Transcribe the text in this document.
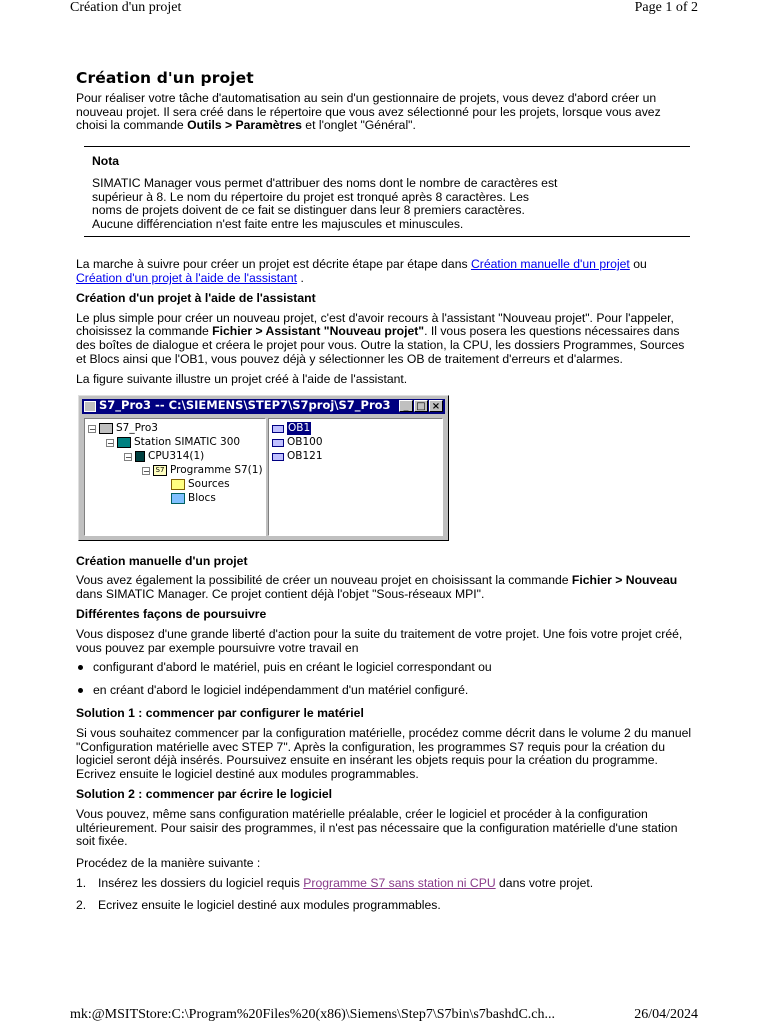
Création d'un projet	Page 1 of 2
Création d'un projet

Pour réaliser votre tâche d'automatisation au sein d'un gestionnaire de projets, vous devez d'abord créer un nouveau projet. Il sera créé dans le répertoire que vous avez sélectionné pour les projets, lorsque vous avez choisi la commande Outils > Paramètres et l'onglet "Général".

Nota
SIMATIC Manager vous permet d'attribuer des noms dont le nombre de caractères est supérieur à 8. Le nom du répertoire du projet est tronqué après 8 caractères. Les noms de projets doivent de ce fait se distinguer dans leur 8 premiers caractères. Aucune différenciation n'est faite entre les majuscules et minuscules.

La marche à suivre pour créer un projet est décrite étape par étape dans Création manuelle d'un projet ou
Création d'un projet à l'aide de l'assistant .

Création d'un projet à l'aide de l'assistant

Le plus simple pour créer un nouveau projet, c'est d'avoir recours à l'assistant "Nouveau projet". Pour l'appeler, choisissez la commande Fichier > Assistant "Nouveau projet". Il vous posera les questions nécessaires dans des boîtes de dialogue et créera le projet pour vous. Outre la station, la CPU, les dossiers Programmes, Sources et Blocs ainsi que l'OB1, vous pouvez déjà y sélectionner les OB de traitement d'erreurs et d'alarmes.

La figure suivante illustre un projet créé à l'aide de l'assistant.

S7_Pro3 -- C:\SIEMENS\STEP7\S7proj\S7_Pro3	_ □ ×
− S7_Pro3
− Station SIMATIC 300
− CPU314(1)
− S7 Programme S7(1)
Sources
Blocs
OB1
OB100
OB121
Création manuelle d'un projet

Vous avez également la possibilité de créer un nouveau projet en choisissant la commande Fichier > Nouveau dans SIMATIC Manager. Ce projet contient déjà l'objet "Sous-réseaux MPI".

Différentes façons de poursuivre

Vous disposez d'une grande liberté d'action pour la suite du traitement de votre projet. Une fois votre projet créé, vous pouvez par exemple poursuivre votre travail en

configurant d'abord le matériel, puis en créant le logiciel correspondant ou
en créant d'abord le logiciel indépendamment d'un matériel configuré.
Solution 1 : commencer par configurer le matériel

Si vous souhaitez commencer par la configuration matérielle, procédez comme décrit dans le volume 2 du manuel "Configuration matérielle avec STEP 7". Après la configuration, les programmes S7 requis pour la création du logiciel seront déjà insérés. Poursuivez ensuite en insérant les objets requis pour la création du programme. Ecrivez ensuite le logiciel destiné aux modules programmables.

Solution 2 : commencer par écrire le logiciel

Vous pouvez, même sans configuration matérielle préalable, créer le logiciel et procéder à la configuration ultérieurement. Pour saisir des programmes, il n'est pas nécessaire que la configuration matérielle d'une station soit fixée.

Procédez de la manière suivante :

1. Insérez les dossiers du logiciel requis Programme S7 sans station ni CPU dans votre projet.
2. Ecrivez ensuite le logiciel destiné aux modules programmables.
mk:@MSITStore:C:\Program%20Files%20(x86)\Siemens\Step7\S7bin\s7bashdC.ch...	26/04/2024
